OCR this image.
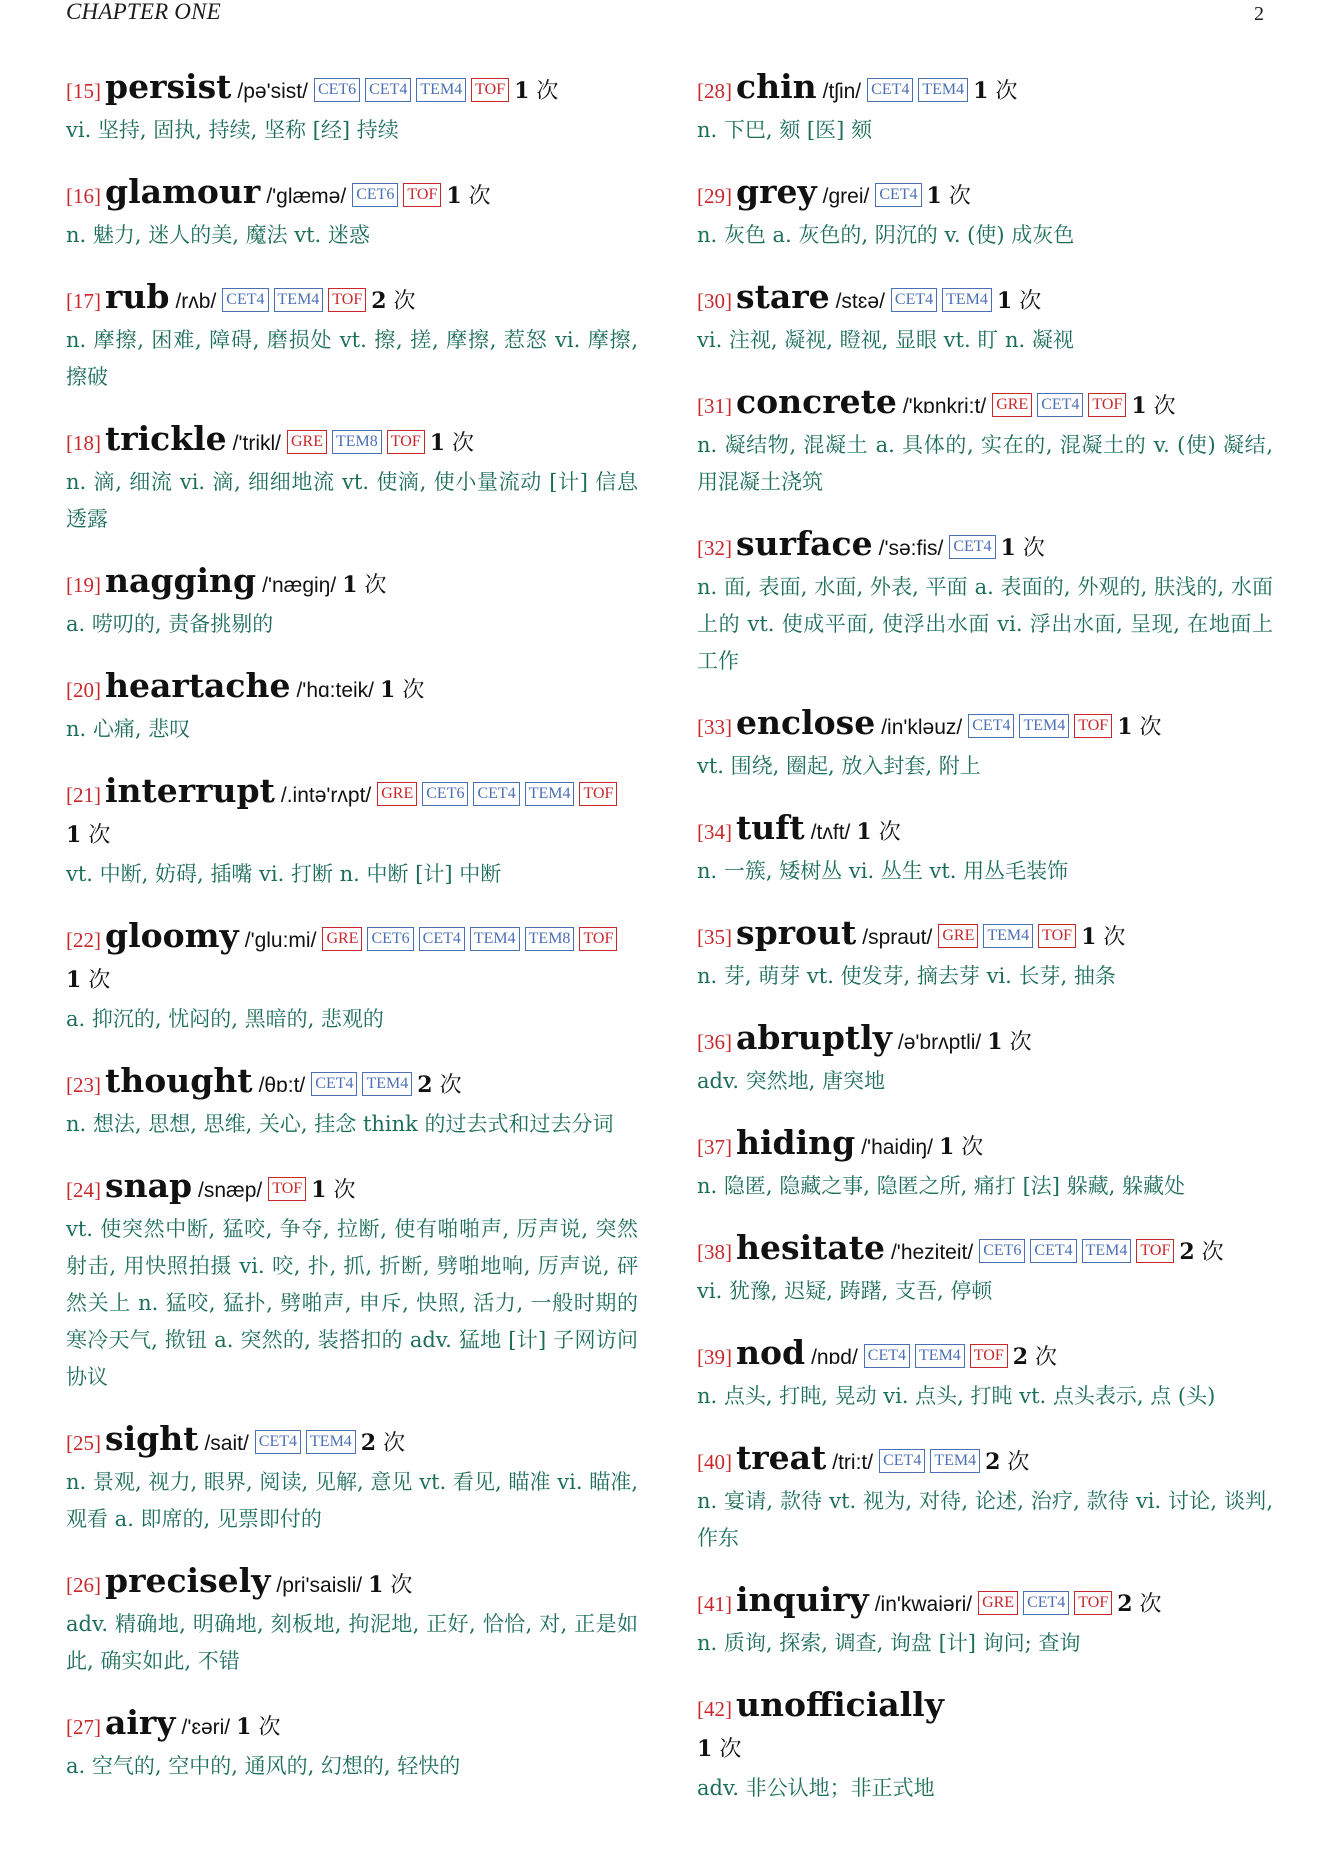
CHAPTER ONE	2
[15] persist /pə'sist/ CET6 CET4 TEM4 TOF 1 次
vi. 坚持, 固执, 持续, 坚称 [经] 持续
[16] glamour /'glæmə/ CET6 TOF 1 次
n. 魅力, 迷人的美, 魔法 vt. 迷惑
[17] rub /rʌb/ CET4 TEM4 TOF 2 次
n. 摩擦, 困难, 障碍, 磨损处 vt. 擦, 搓, 摩擦, 惹怒 vi. 摩擦, 擦破
[18] trickle /'trikl/ GRE TEM8 TOF 1 次
n. 滴, 细流 vi. 滴, 细细地流 vt. 使滴, 使小量流动 [计] 信息透露
[19] nagging /'nægiŋ/ 1 次
a. 唠叨的, 责备挑剔的
[20] heartache /'hɑ:teik/ 1 次
n. 心痛, 悲叹
[21] interrupt /.intə'rʌpt/ GRE CET6 CET4 TEM4 TOF1 次
vt. 中断, 妨碍, 插嘴 vi. 打断 n. 中断 [计] 中断
[22] gloomy /'glu:mi/ GRE CET6 CET4 TEM4 TEM8 TOF1 次
a. 抑沉的, 忧闷的, 黑暗的, 悲观的
[23] thought /θɒ:t/ CET4 TEM4 2 次
n. 想法, 思想, 思维, 关心, 挂念 think 的过去式和过去分词
[24] snap /snæp/ TOF 1 次
vt. 使突然中断, 猛咬, 争夺, 拉断, 使有啪啪声, 厉声说, 突然射击, 用快照拍摄 vi. 咬, 扑, 抓, 折断, 劈啪地响, 厉声说, 砰然关上 n. 猛咬, 猛扑, 劈啪声, 申斥, 快照, 活力, 一般时期的寒冷天气, 揿钮 a. 突然的, 装搭扣的 adv. 猛地 [计] 子网访问协议
[25] sight /sait/ CET4 TEM4 2 次
n. 景观, 视力, 眼界, 阅读, 见解, 意见 vt. 看见, 瞄准 vi. 瞄准, 观看 a. 即席的, 见票即付的
[26] precisely /pri'saisli/ 1 次
adv. 精确地, 明确地, 刻板地, 拘泥地, 正好, 恰恰, 对, 正是如此, 确实如此, 不错
[27] airy /'ɛəri/ 1 次
a. 空气的, 空中的, 通风的, 幻想的, 轻快的
[28] chin /tʃin/ CET4 TEM4 1 次
n. 下巴, 颏 [医] 颏
[29] grey /grei/ CET4 1 次
n. 灰色 a. 灰色的, 阴沉的 v. (使) 成灰色
[30] stare /stɛə/ CET4 TEM4 1 次
vi. 注视, 凝视, 瞪视, 显眼 vt. 盯 n. 凝视
[31] concrete /'kɒnkri:t/ GRE CET4 TOF 1 次
n. 凝结物, 混凝土 a. 具体的, 实在的, 混凝土的 v. (使) 凝结, 用混凝土浇筑
[32] surface /'sə:fis/ CET4 1 次
n. 面, 表面, 水面, 外表, 平面 a. 表面的, 外观的, 肤浅的, 水面上的 vt. 使成平面, 使浮出水面 vi. 浮出水面, 呈现, 在地面上工作
[33] enclose /in'kləuz/ CET4 TEM4 TOF 1 次
vt. 围绕, 圈起, 放入封套, 附上
[34] tuft /tʌft/ 1 次
n. 一簇, 矮树丛 vi. 丛生 vt. 用丛毛装饰
[35] sprout /spraut/ GRE TEM4 TOF 1 次
n. 芽, 萌芽 vt. 使发芽, 摘去芽 vi. 长芽, 抽条
[36] abruptly /ə'brʌptli/ 1 次
adv. 突然地, 唐突地
[37] hiding /'haidiŋ/ 1 次
n. 隐匿, 隐藏之事, 隐匿之所, 痛打 [法] 躲藏, 躲藏处
[38] hesitate /'heziteit/ CET6 CET4 TEM4 TOF 2 次
vi. 犹豫, 迟疑, 踌躇, 支吾, 停顿
[39] nod /nɒd/ CET4 TEM4 TOF 2 次
n. 点头, 打盹, 晃动 vi. 点头, 打盹 vt. 点头表示, 点 (头)
[40] treat /tri:t/ CET4 TEM4 2 次
n. 宴请, 款待 vt. 视为, 对待, 论述, 治疗, 款待 vi. 讨论, 谈判, 作东
[41] inquiry /in'kwaiəri/ GRE CET4 TOF 2 次
n. 质询, 探索, 调查, 询盘 [计] 询问; 查询
[42] unofficially
1 次
adv. 非公认地；非正式地
